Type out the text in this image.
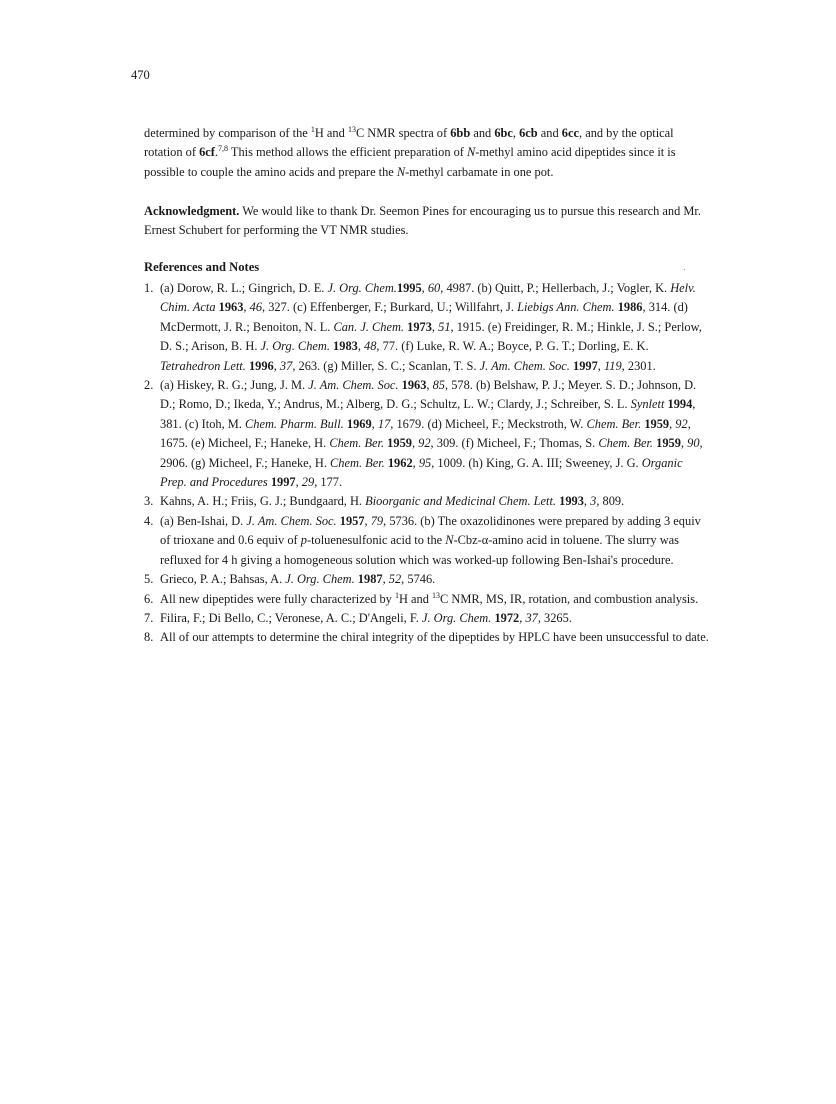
470

determined by comparison of the $^1$H and $^{13}$C NMR spectra of 6bb and 6bc, 6cb and 6cc, and by the optical rotation of 6cf.$^{7,8}$ This method allows the efficient preparation of N-methyl amino acid dipeptides since it is possible to couple the amino acids and prepare the N-methyl carbamate in one pot.

Acknowledgment. We would like to thank Dr. Seemon Pines for encouraging us to pursue this research and Mr. Ernest Schubert for performing the VT NMR studies.

References and Notes
1. (a) Dorow, R. L.; Gingrich, D. E. J. Org. Chem.1995, 60, 4987. (b) Quitt, P.; Hellerbach, J.; Vogler, K. Helv. Chim. Acta 1963, 46, 327. (c) Effenberger, F.; Burkard, U.; Willfahrt, J. Liebigs Ann. Chem. 1986, 314. (d) McDermott, J. R.; Benoiton, N. L. Can. J. Chem. 1973, 51, 1915. (e) Freidinger, R. M.; Hinkle, J. S.; Perlow, D. S.; Arison, B. H. J. Org. Chem. 1983, 48, 77. (f) Luke, R. W. A.; Boyce, P. G. T.; Dorling, E. K. Tetrahedron Lett. 1996, 37, 263. (g) Miller, S. C.; Scanlan, T. S. J. Am. Chem. Soc. 1997, 119, 2301.
2. (a) Hiskey, R. G.; Jung, J. M. J. Am. Chem. Soc. 1963, 85, 578. (b) Belshaw, P. J.; Meyer. S. D.; Johnson, D. D.; Romo, D.; Ikeda, Y.; Andrus, M.; Alberg, D. G.; Schultz, L. W.; Clardy, J.; Schreiber, S. L. Synlett 1994, 381. (c) Itoh, M. Chem. Pharm. Bull. 1969, 17, 1679. (d) Micheel, F.; Meckstroth, W. Chem. Ber. 1959, 92, 1675. (e) Micheel, F.; Haneke, H. Chem. Ber. 1959, 92, 309. (f) Micheel, F.; Thomas, S. Chem. Ber. 1959, 90, 2906. (g) Micheel, F.; Haneke, H. Chem. Ber. 1962, 95, 1009. (h) King, G. A. III; Sweeney, J. G. Organic Prep. and Procedures 1997, 29, 177.
3. Kahns, A. H.; Friis, G. J.; Bundgaard, H. Bioorganic and Medicinal Chem. Lett. 1993, 3, 809.
4. (a) Ben-Ishai, D. J. Am. Chem. Soc. 1957, 79, 5736. (b) The oxazolidinones were prepared by adding 3 equiv of trioxane and 0.6 equiv of p-toluenesulfonic acid to the N-Cbz-α-amino acid in toluene. The slurry was refluxed for 4 h giving a homogeneous solution which was worked-up following Ben-Ishai's procedure.
5. Grieco, P. A.; Bahsas, A. J. Org. Chem. 1987, 52, 5746.
6. All new dipeptides were fully characterized by $^1$H and $^{13}$C NMR, MS, IR, rotation, and combustion analysis.
7. Filira, F.; Di Bello, C.; Veronese, A. C.; D'Angeli, F. J. Org. Chem. 1972, 37, 3265.
8. All of our attempts to determine the chiral integrity of the dipeptides by HPLC have been unsuccessful to date.
